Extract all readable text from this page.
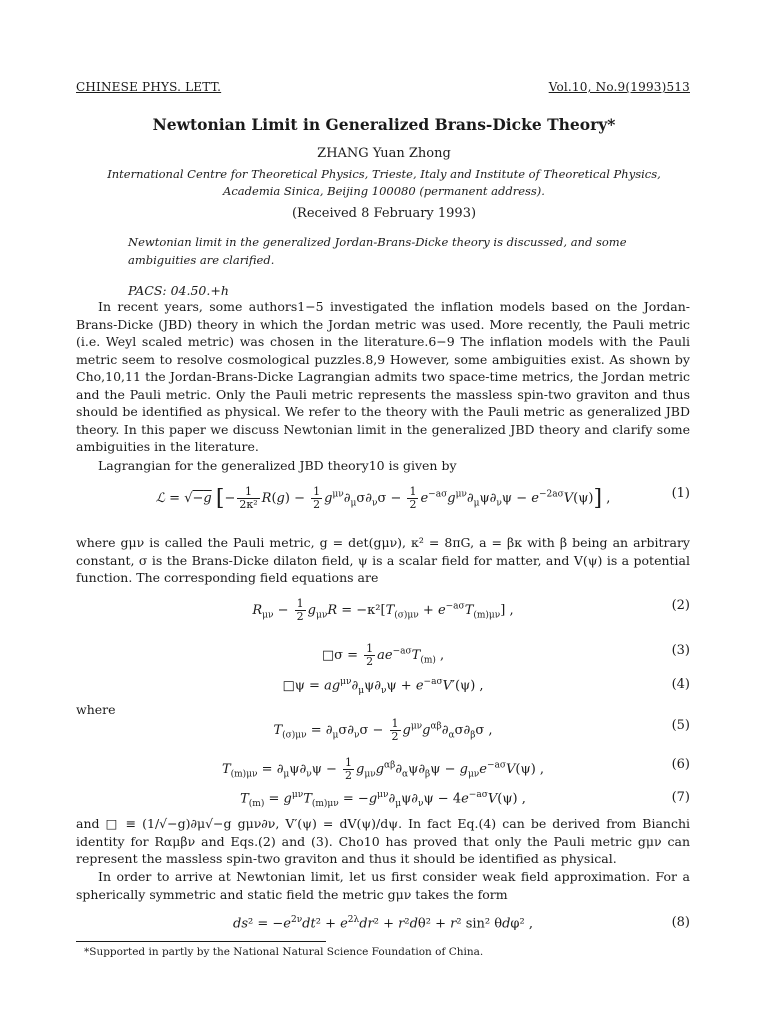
CHINESE PHYS. LETT.	Vol.10, No.9(1993)513
Newtonian Limit in Generalized Brans-Dicke Theory*
ZHANG Yuan Zhong
International Centre for Theoretical Physics, Trieste, Italy and Institute of Theoretical Physics,
Academia Sinica, Beijing 100080 (permanent address).
(Received 8 February 1993)
Newtonian limit in the generalized Jordan-Brans-Dicke theory is discussed, and some ambiguities are clarified.
PACS: 04.50.+h
In recent years, some authors1−5 investigated the inflation models based on the Jordan-Brans-Dicke (JBD) theory in which the Jordan metric was used. More recently, the Pauli metric (i.e. Weyl scaled metric) was chosen in the literature.6−9 The inflation models with the Pauli metric seem to resolve cosmological puzzles.8,9 However, some ambiguities exist. As shown by Cho,10,11 the Jordan-Brans-Dicke Lagrangian admits two space-time metrics, the Jordan metric and the Pauli metric. Only the Pauli metric represents the massless spin-two graviton and thus should be identified as physical. We refer to the theory with the Pauli metric as generalized JBD theory. In this paper we discuss Newtonian limit in the generalized JBD theory and clarify some ambiguities in the literature.
Lagrangian for the generalized JBD theory10 is given by
ℒ = √−g [− $\frac{1}{\text{2κ²}} R(g) - \frac{1}{2} g^{\mu\nu}\partial_\mu\sigma\partial_\nu\sigma - \frac{1}{2} e^{-a\sigma}g^{\mu\nu}\partial_\mu\psi\partial_\nu\psi - e^{-2a\sigma}V(\psi)$] ,	(1)
where gμν is called the Pauli metric, g = det(gμν), κ² = 8πG, a = βκ with β being an arbitrary constant, σ is the Brans-Dicke dilaton field, ψ is a scalar field for matter, and V(ψ) is a potential function. The corresponding field equations are
$R_{\mu\nu} - \frac{1}{2} g_{\mu\nu}R = -\kappa^2[T_{(\sigma)\mu\nu} + e^{-a\sigma}T_{(m)\mu\nu}]$ ,	(2)
□σ = $\frac{1}{2} ae^{-a\sigma}T_{(m)}$ ,	(3)
□ψ = $ag^{\mu\nu}\partial_\mu\psi\partial_\nu\psi + e^{-a\sigma}V'(\psi)$ ,	(4)
where
$T_{(\sigma)\mu\nu} = \partial_\mu\sigma\partial_\nu\sigma - \frac{1}{2} g^{\mu\nu}g^{\alpha\beta}\partial_\alpha\sigma\partial_\beta\sigma$ ,	(5)
$T_{(m)\mu\nu} = \partial_\mu\psi\partial_\nu\psi - \frac{1}{2} g_{\mu\nu}g^{\alpha\beta}\partial_\alpha\psi\partial_\beta\psi - g_{\mu\nu}e^{-a\sigma}V(\psi)$ ,	(6)
$T_{(m)} = g^{\mu\nu}T_{(m)\mu\nu} = -g^{\mu\nu}\partial_\mu\psi\partial_\nu\psi - 4e^{-a\sigma}V(\psi)$ ,	(7)
and □ ≡ (1/√−g)∂μ√−g gμν∂ν, V′(ψ) = dV(ψ)/dψ. In fact Eq.(4) can be derived from Bianchi identity for Rαμβν and Eqs.(2) and (3). Cho10 has proved that only the Pauli metric gμν can represent the massless spin-two graviton and thus it should be identified as physical.
In order to arrive at Newtonian limit, let us first consider weak field approximation. For a spherically symmetric and static field the metric gμν takes the form
$ds^2 = -e^{2\nu}dt^2 + e^{2\lambda}dr^2 + r^2d\theta^2 + r^2$ sin² θdφ² ,	(8)
*Supported in partly by the National Natural Science Foundation of China.
